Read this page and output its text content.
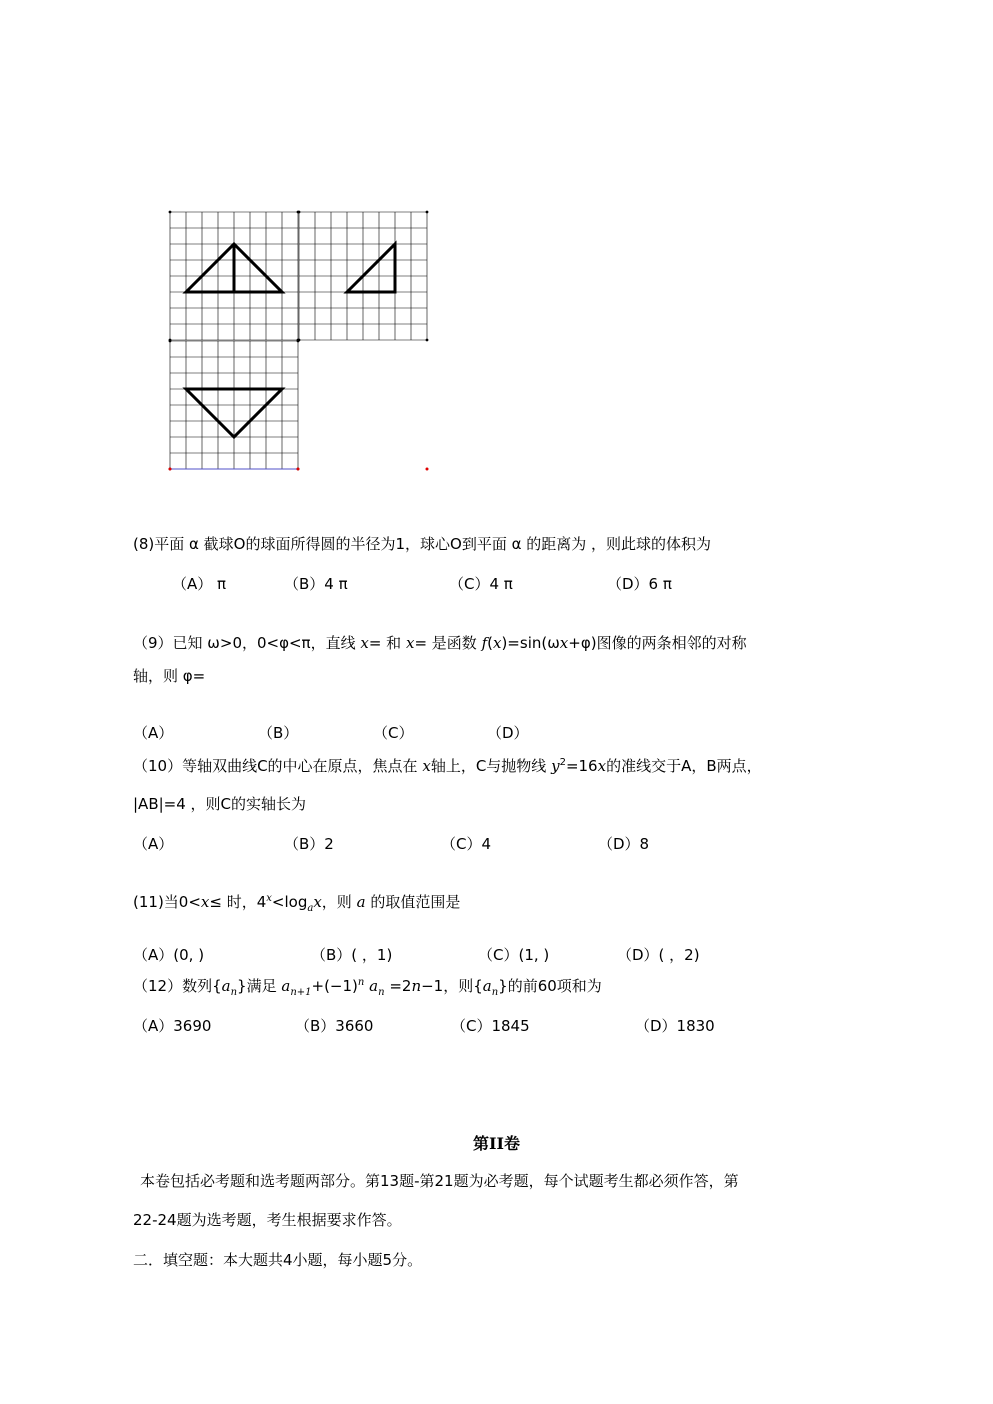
(8)平面 α 截球O的球面所得圆的半径为1，球心O到平面 α 的距离为 ，则此球的体积为
（A） π	（B）4 π	（C）4 π	（D）6 π
（9）已知 ω>0，0<φ<π，直线 x= 和 x= 是函数 f(x)=sin(ωx+φ)图像的两条相邻的对称
轴，则 φ=
（A）	（B）	（C）	（D）
（10）等轴双曲线C的中心在原点，焦点在 x轴上，C与抛物线 $y^2=16x$的准线交于A，B两点，
|AB|=4 ，则C的实轴长为
（A）	（B）2	（C）4	（D）8
(11)当0<x≤ 时，$4^x<\log_ax$，则 a 的取值范围是
（A）(0, )	（B）( ，1)	（C）(1, )	（D）( ，2)
（12）数列$\{a_n\}$满足 $a_{n+1}+(-1)^n$ $a_n =2n-1$，则$\{a_n\}$的前60项和为
（A）3690	（B）3660	（C）1845	（D）1830
第II卷
本卷包括必考题和选考题两部分。第13题-第21题为必考题，每个试题考生都必须作答，第
22-24题为选考题，考生根据要求作答。
二．填空题：本大题共4小题，每小题5分。
